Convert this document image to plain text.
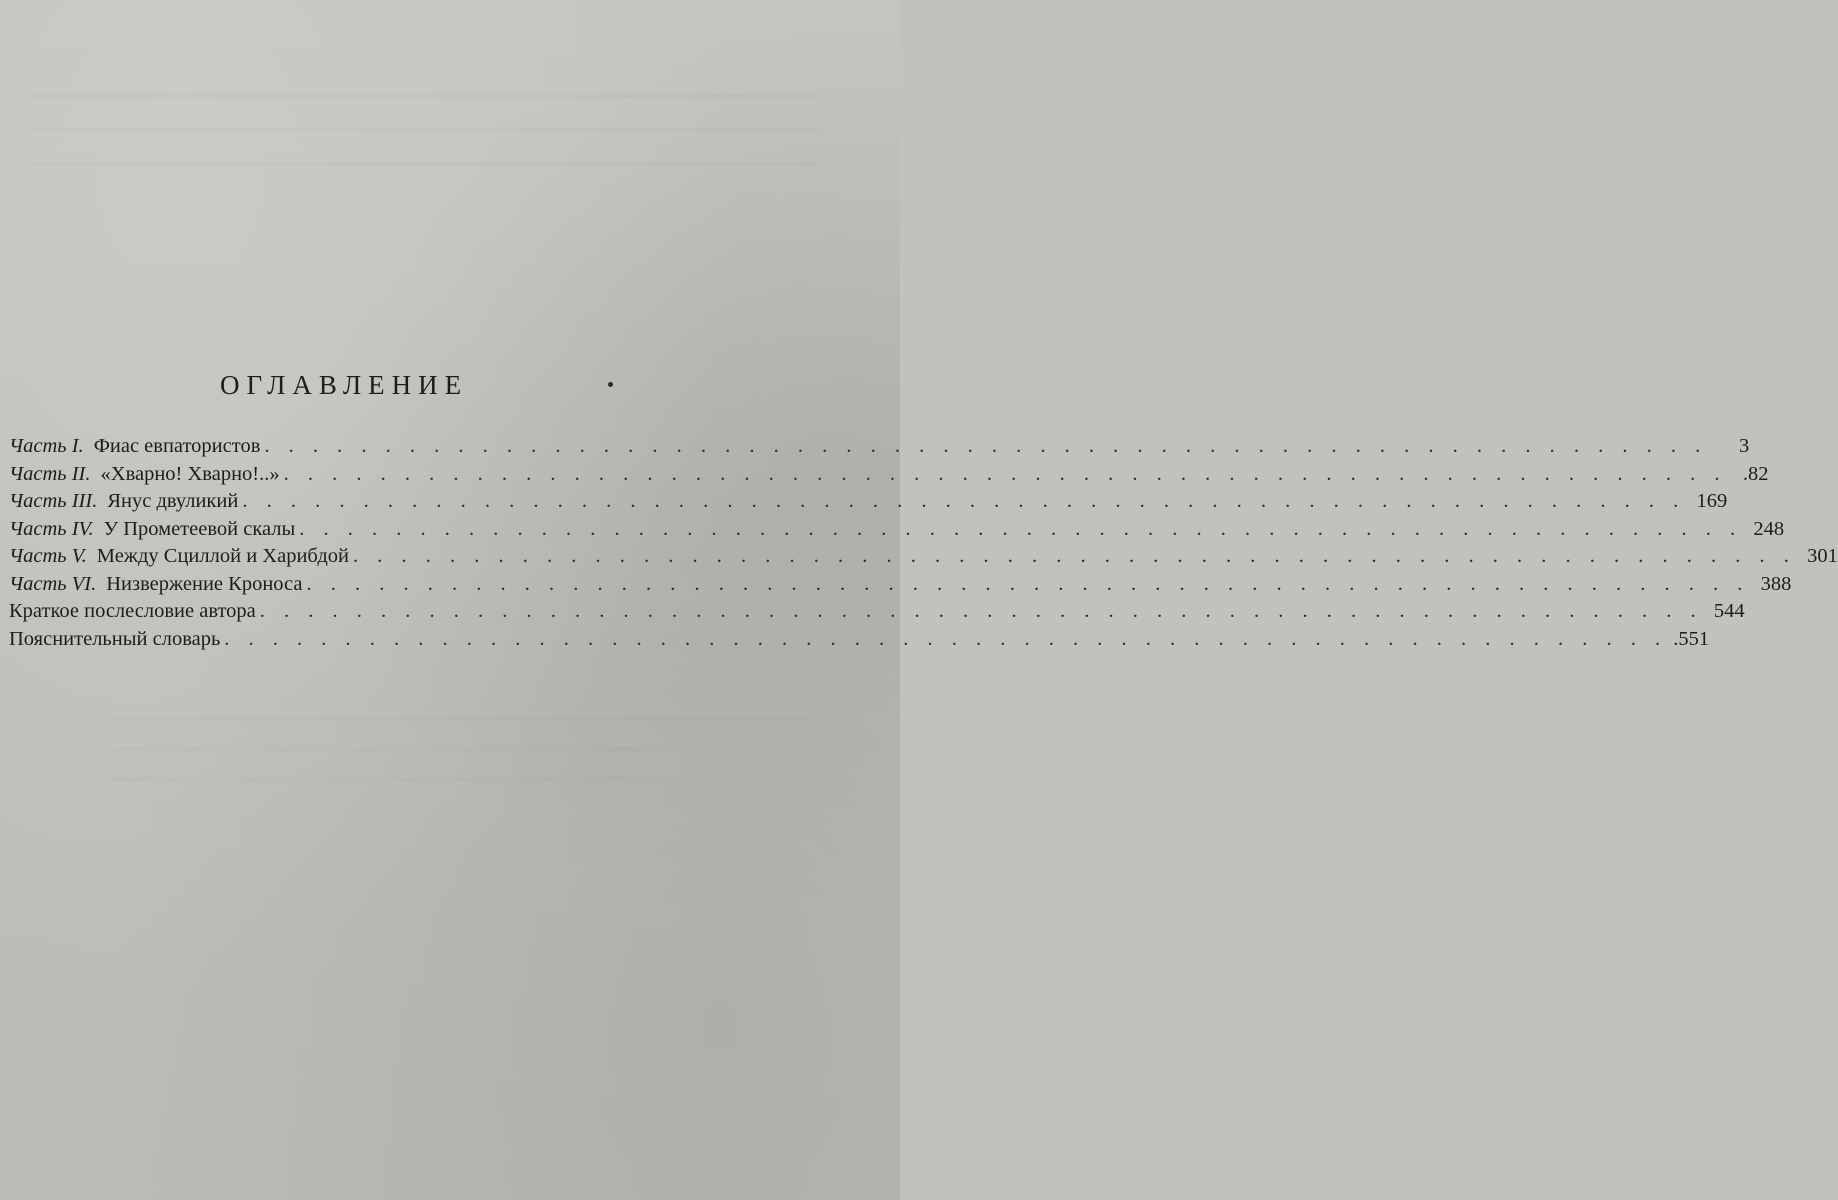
ОГЛАВЛЕНИЕ
Часть I. Фиас евпатористов . . . . . . . . . . . . . . . . . . . . . . . . . . . . . . . . . . . . . . . . . . . . . . . . . . . . . . . . . . . .	3
Часть II. «Хварно! Хварно!..» . . . . . . . . . . . . . . . . . . . . . . . . . . . . . . . . . . . . . . . . . . . . . . . . . . . . . . . . . . . . .82
Часть III. Янус двуликий . . . . . . . . . . . . . . . . . . . . . . . . . . . . . . . . . . . . . . . . . . . . . . . . . . . . . . . . . . . . 169
Часть IV. У Прометеевой скалы . . . . . . . . . . . . . . . . . . . . . . . . . . . . . . . . . . . . . . . . . . . . . . . . . . . . . . . . . . . . 248
Часть V. Между Сциллой и Харибдой . . . . . . . . . . . . . . . . . . . . . . . . . . . . . . . . . . . . . . . . . . . . . . . . . . . . . . . . . . . . 301
Часть VI. Низвержение Кроноса . . . . . . . . . . . . . . . . . . . . . . . . . . . . . . . . . . . . . . . . . . . . . . . . . . . . . . . . . . . . 388
Краткое послесловие автора . . . . . . . . . . . . . . . . . . . . . . . . . . . . . . . . . . . . . . . . . . . . . . . . . . . . . . . . . . . . 544
Пояснительный словарь . . . . . . . . . . . . . . . . . . . . . . . . . . . . . . . . . . . . . . . . . . . . . . . . . . . . . . . . . . . . .551
